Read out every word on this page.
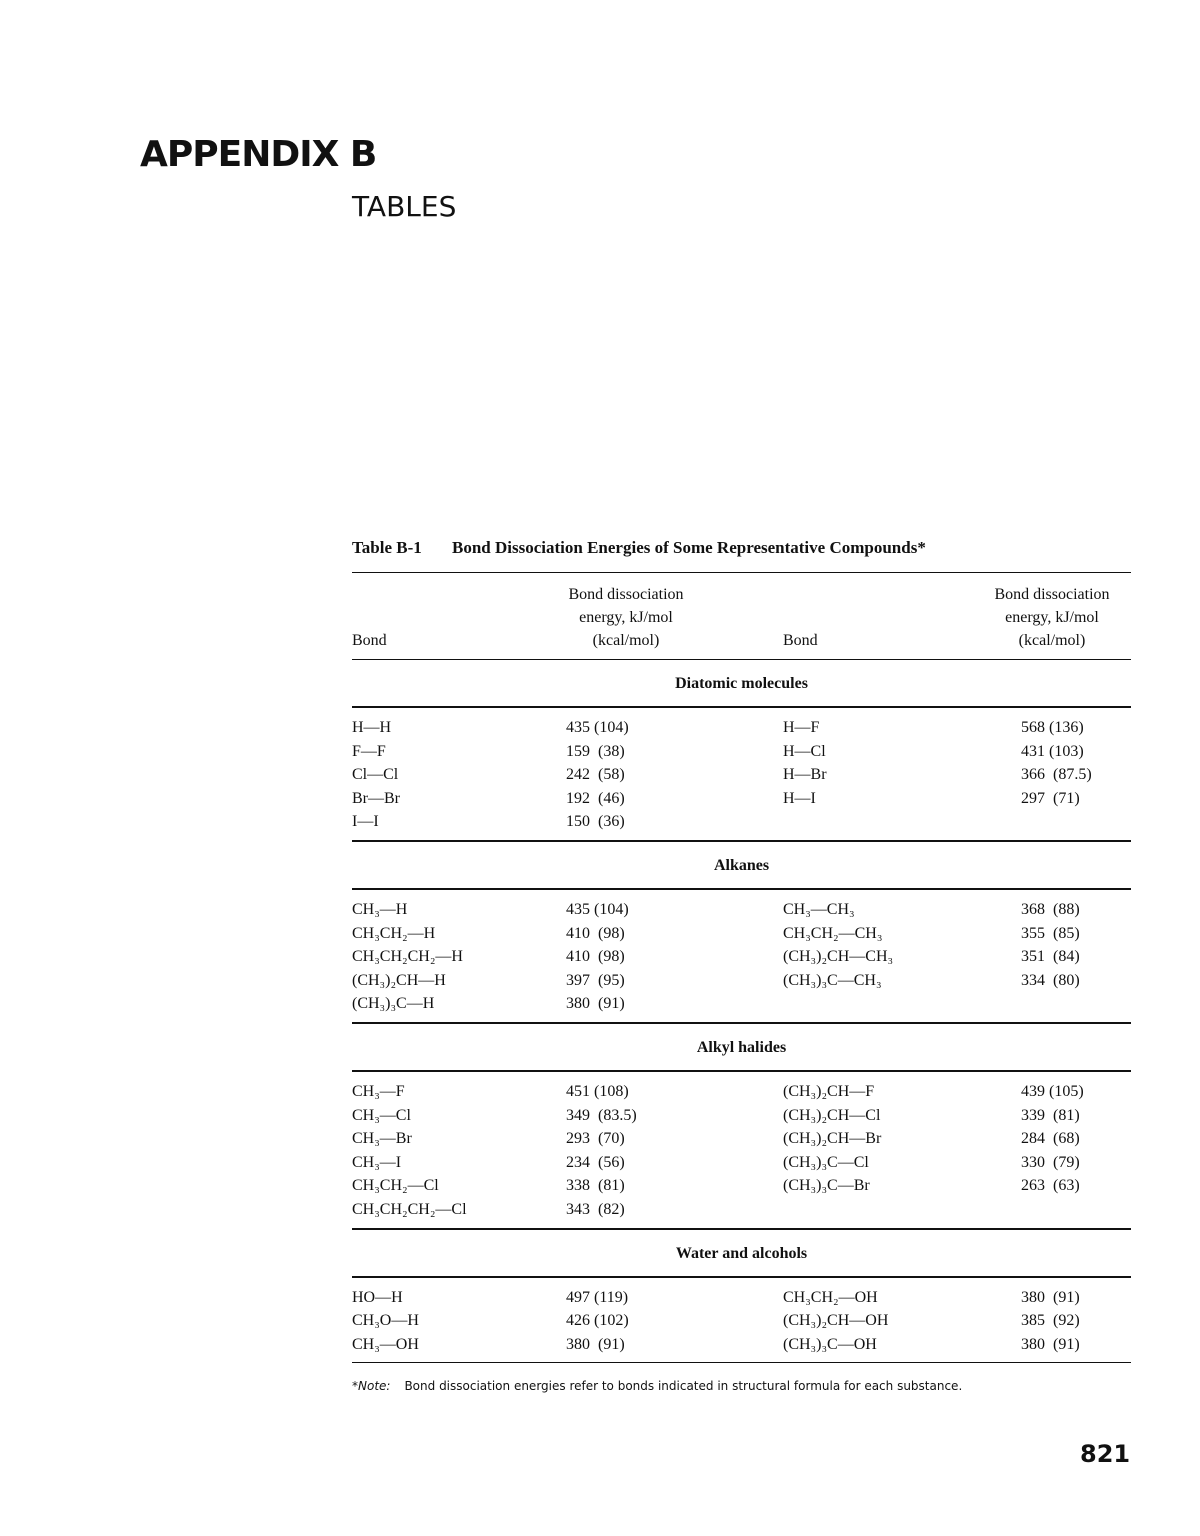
APPENDIX B
TABLES
Table B-1 Bond Dissociation Energies of Some Representative Compounds*
Bond
Bond dissociation
energy, kJ/mol
(kcal/mol)	Bond
Bond dissociation
energy, kJ/mol
(kcal/mol)
Diatomic molecules
H—H	435 (104)	H—F	568 (136)
F—F	159  (38)	H—Cl	431 (103)
Cl—Cl	242  (58)	H—Br	366  (87.5)
Br—Br	192  (46)	H—I	297  (71)
I—I	150  (36)
Alkanes
CH₃—H	435 (104)	CH₃—CH₃	368  (88)
CH₃CH₂—H	410  (98)	CH₃CH₂—CH₃	355  (85)
CH₃CH₂CH₂—H	410  (98)	(CH₃)₂CH—CH₃	351  (84)
(CH₃)₂CH—H	397  (95)	(CH₃)₃C—CH₃	334  (80)
(CH₃)₃C—H	380  (91)
Alkyl halides
CH₃—F	451 (108)	(CH₃)₂CH—F	439 (105)
CH₃—Cl	349  (83.5)	(CH₃)₂CH—Cl	339  (81)
CH₃—Br	293  (70)	(CH₃)₂CH—Br	284  (68)
CH₃—I	234  (56)	(CH₃)₃C—Cl	330  (79)
CH₃CH₂—Cl	338  (81)	(CH₃)₃C—Br	263  (63)
CH₃CH₂CH₂—Cl	343  (82)
Water and alcohols
HO—H	497 (119)	CH₃CH₂—OH	380  (91)
CH₃O—H	426 (102)	(CH₃)₂CH—OH	385  (92)
CH₃—OH	380  (91)	(CH₃)₃C—OH	380  (91)
*Note: Bond dissociation energies refer to bonds indicated in structural formula for each substance.
821
